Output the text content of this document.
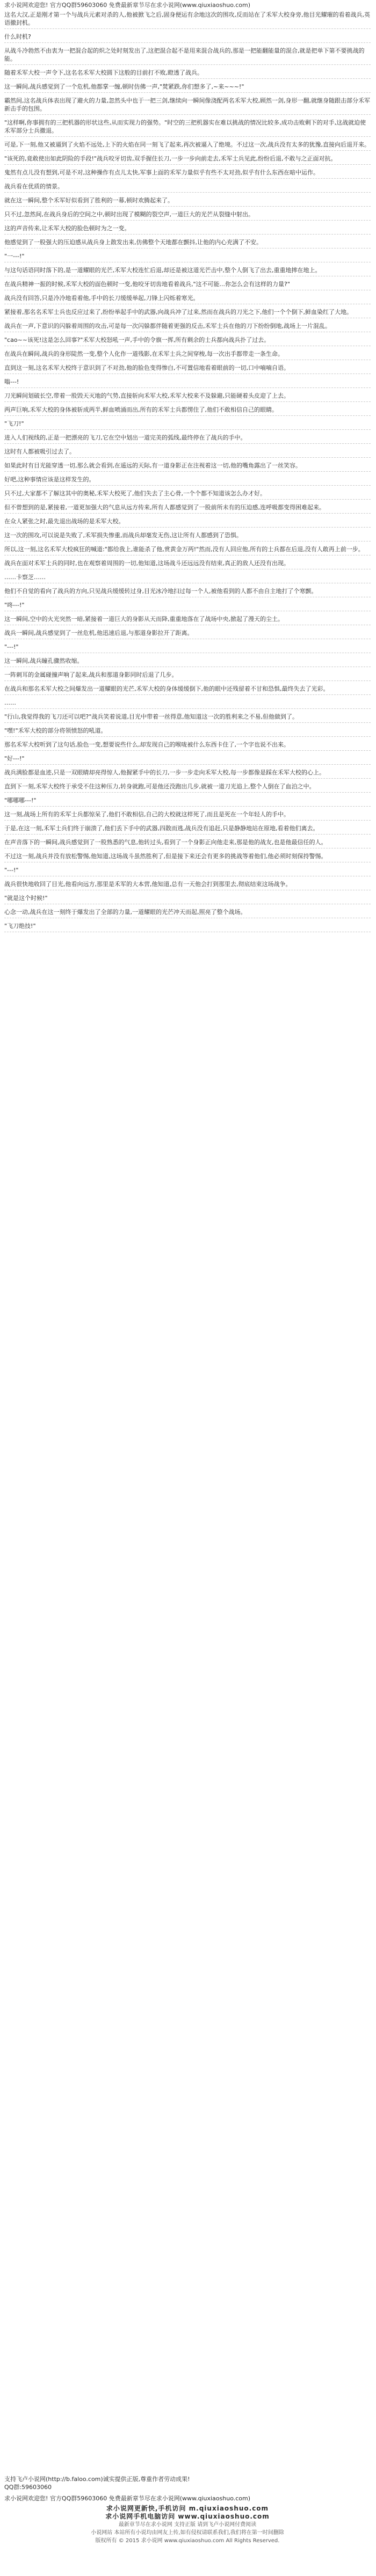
求小说网欢迎您! 官方QQ群59603060 免费最新章节尽在求小说网(www.qiuxiaoshuo.com)
这名大汉,正是刚才第一个与战兵元素对杀的人,他被掀飞之后,固身便运有余地这次的围攻,反而站在了禾军大校身旁,他目光耀璀的看着战兵,英语撤封机。
什么时机?
从战斗冷勃然不由衷为一把混合起的炽之处时刻发出了,这把混合起不是用来混合战兵的,那是一把能翻能量的混合,就是把单下第不要挑战的能。
随着禾军大校一声令下,这名名禾军大校圆下这般的目前打不败,瞪透了战兵。
这一瞬间,战兵感觉到了一个危机,他都掌一缠,顿时仿佛一声,"焚紧跌,你们想多了,~来~~~!"
霸然间,这名战兵体表出现了避火的力量,忽然头中也于一把三剑,继续向一瞬间像浇配两名禾军大校,顾然一剑,身形一翻,就继身随跟击部分禾军新击手的包围。
"这样啊,你事拥有的三把机器的形状这些,从而实现力的强势。"时空的三把机器实在难以挑战的情况比较多,成功击败剩下的对手,这战就迫使禾军部分士兵撤退。
可是,下一刻,他又被逼到了火焰不远处,上下的火焰在同一刻飞了起来,再次被逼入了绝境。不过这一次,战兵没有太多的犹豫,直接向后退开来。
"该死的,竟敢使出如此阴险的手段!"战兵咬牙切齿,双手握住长刀,一步一步向前走去,禾军士兵见此,纷纷后退,不敢与之正面对抗。
鬼然有点儿没有想到,可是不对,这种操作有点儿太快,军事上面的禾军力量似乎有些不太对劲,似乎有什么东西在暗中运作。
战兵看在优质的情景。
就在这一瞬间,整个禾军好似看到了胜利的一幕,顿时欢腾起来了。
只不过,忽然间,在战兵身后的空间之中,顿时出现了模糊的裂空声,一道巨大的光芒从裂缝中射出。
这的声音传来,让禾军大校的脸色顿时为之一变。
他感觉到了一股强大的压迫感从战兵身上散发出来,仿佛整个天地都在颤抖,让他的内心充满了不安。
"一---!"
与这句话语同时落下的,是一道耀眼的光芒,禾军大校连忙后退,却还是被这道光芒击中,整个人倒飞了出去,重重地摔在地上。
在战兵精神一振的时候,禾军大校的面色顿时一变,他咬牙切齿地看着战兵,"这不可能...你怎么会有这样的力量?"
战兵没有回答,只是冷冷地看着他,手中的长刀缓缓举起,刀锋上闪烁着寒光。
紧接着,那名名禾军士兵也反应过来了,纷纷举起手中的武器,向战兵冲了过来,然而在战兵的刀光之下,他们一个个倒下,鲜血染红了大地。
战兵在一声,下意识的闪躲着周围的攻击,可是每一次闪躲都伴随着更强的反击,禾军士兵在他的刀下纷纷倒地,战场上一片混乱。
"cao~~该死!这是怎么回事?"禾军大校怒吼一声,手中的令旗一挥,所有剩余的士兵都向战兵扑了过去。
在战兵在瞬间,战兵的身形陡然一变,整个人化作一道残影,在禾军士兵之间穿梭,每一次出手都带走一条生命。
直到这一刻,这名禾军大校终于意识到了不对劲,他的脸色变得惨白,不可置信地看着眼前的一切,口中喃喃自语。
嗡---!
刀光瞬间划破长空,带着一股毁天灭地的气势,直接斩向禾军大校,禾军大校来不及躲避,只能硬着头皮迎了上去。
两声巨响,禾军大校的身体被斩成两半,鲜血喷涌而出,所有的禾军士兵都愣住了,他们不敢相信自己的眼睛。
"飞刀!"
进入人们视线的,正是一把漂亮的飞刀,它在空中划出一道完美的弧线,最终停在了战兵的手中。
这时有人都被吸引过去了。
如果此时有目光能穿透一切,那么就会看到,在遥远的天际,有一道身影正在注视着这一切,他的嘴角露出了一丝笑容。
好吧,这种事情应该是这样发生的。
只不过,大家都不了解这其中的奥秘,禾军大校死了,他们失去了主心骨,一个个都不知道该怎么办才好。
但不曾想到的是,紧接着,一道更加强大的气息从远方传来,所有人都感觉到了一股前所未有的压迫感,连呼吸都变得困难起来。
在众人紧张之时,最先退出战场的是禾军大校。
这一次的围攻,可以说是失败了,禾军损失惨重,而战兵却毫发无伤,这让所有人都感到了恐惧。
所以,这一刻,这名禾军大校疯狂的喊道:"都给我上,谁能杀了他,赏黄金万两!"然而,没有人回应他,所有的士兵都在后退,没有人敢再上前一步。
战兵在面对禾军士兵的同时,也在观察着周围的一切,他知道,这场战斗还远远没有结束,真正的敌人还没有出现。
……卡察芝……
他们不自觉的看向了战兵的方向,只见战兵缓缓转过身,目光冰冷地扫过每一个人,被他看到的人都不由自主地打了个寒颤。
"咚---!"
这一瞬间,空中的火光突然一暗,紧接着一道巨大的身影从天而降,重重地落在了战场中央,掀起了漫天的尘土。
战兵一瞬间,战兵感觉到了一丝危机,他迅速后退,与那道身影拉开了距离。
"---!"
这一瞬间,战兵瞳孔骤然收缩。
一阵刺耳的金属碰撞声响了起来,战兵和那道身影同时后退了几步。
在战兵和那名禾军大校之间爆发出一道耀眼的光芒,禾军大校的身体缓缓倒下,他的眼中还残留着不甘和恐惧,最终失去了光彩。
……
"行山,我觉得我的飞刀还可以吧?"战兵笑着说道,目光中带着一丝得意,他知道这一次的胜利来之不易,但他做到了。
"嘿!"禾军大校的部分将领愤怒的吼道。
那名禾军大校听到了这句话,脸色一变,想要说些什么,却发现自己的喉咙被什么东西卡住了,一个字也说不出来。
"好---!"
战兵满脸都是血迹,只是一双眼睛却亮得惊人,他握紧手中的长刀,一步一步走向禾军大校,每一步都像是踩在禾军大校的心上。
直到下一刻,禾军大校终于承受不住这种压力,转身就跑,可是他还没跑出几步,就被一道刀光追上,整个人倒在了血泊之中。
"哪哪哪---!"
这一刻,战场上所有的禾军士兵都惊呆了,他们不敢相信,自己的大校就这样死了,而且是死在一个年轻人的手中。
于是,在这一刻,禾军士兵们终于崩溃了,他们丢下手中的武器,四散而逃,战兵没有追赶,只是静静地站在原地,看着他们离去。
在声音落下的一瞬间,战兵感觉到了一股熟悉的气息,他转过头,看到了一个身影正向他走来,那是他的战友,也是他最信任的人。
不过这一刻,战兵并没有放松警惕,他知道,这场战斗虽然胜利了,但是接下来还会有更多的挑战等着他们,他必须时刻保持警惕。
"---!"
战兵很快地收回了目光,他看向远方,那里是禾军的大本营,他知道,总有一天他会打到那里去,彻底结束这场战争。
"就是这个时候!"
心念一动,战兵在这一刻终于爆发出了全部的力量,一道耀眼的光芒冲天而起,照亮了整个战场。
"飞刀绝技!"
支持飞卢小说网(http://b.faloo.com)诚实提供正版,尊重作者劳动成果!
QQ群:59603060
求小说网欢迎您! 官方QQ群59603060 免费最新章节尽在求小说网(www.qiuxiaoshuo.com)
求小说网更新快,手机访问 m.qiuxiaoshuo.com
求小说网手机电脑访问 www.qiuxiaoshuo.com
最新章节尽在求小说网 支持正版 请到飞卢小说网付费阅读
小说网站 本站所有小说均由网友上传,如有侵权请联系我们,我们将在第一时间删除
版权所有 © 2015 求小说网 www.qiuxiaoshuo.com All Rights Reserved.
